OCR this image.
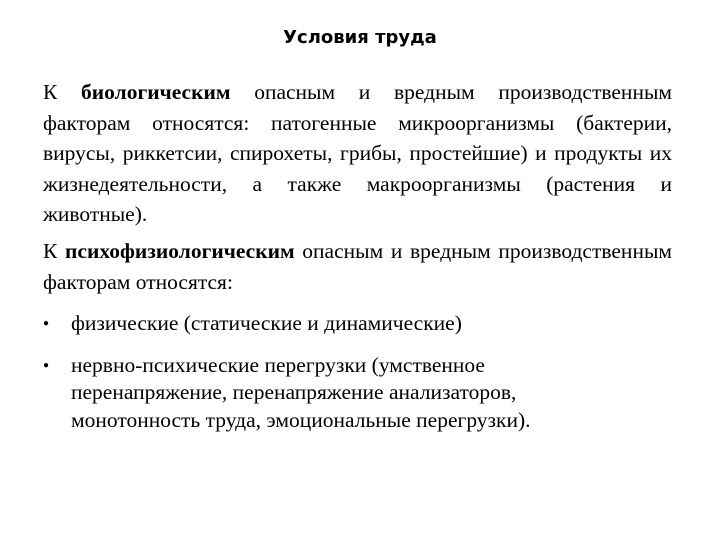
Условия труда

К биологическим опасным и вредным производственным факторам относятся: патогенные микроорганизмы (бактерии, вирусы, риккетсии, спирохеты, грибы, простейшие) и продукты их жизнедеятельности, а также макроорганизмы (растения и животные).

К психофизиологическим опасным и вредным производственным факторам относятся:

● физические (статические и динамические)
● нервно-психические перегрузки (умственное перенапряжение, перенапряжение анализаторов, монотонность труда, эмоциональные перегрузки).
